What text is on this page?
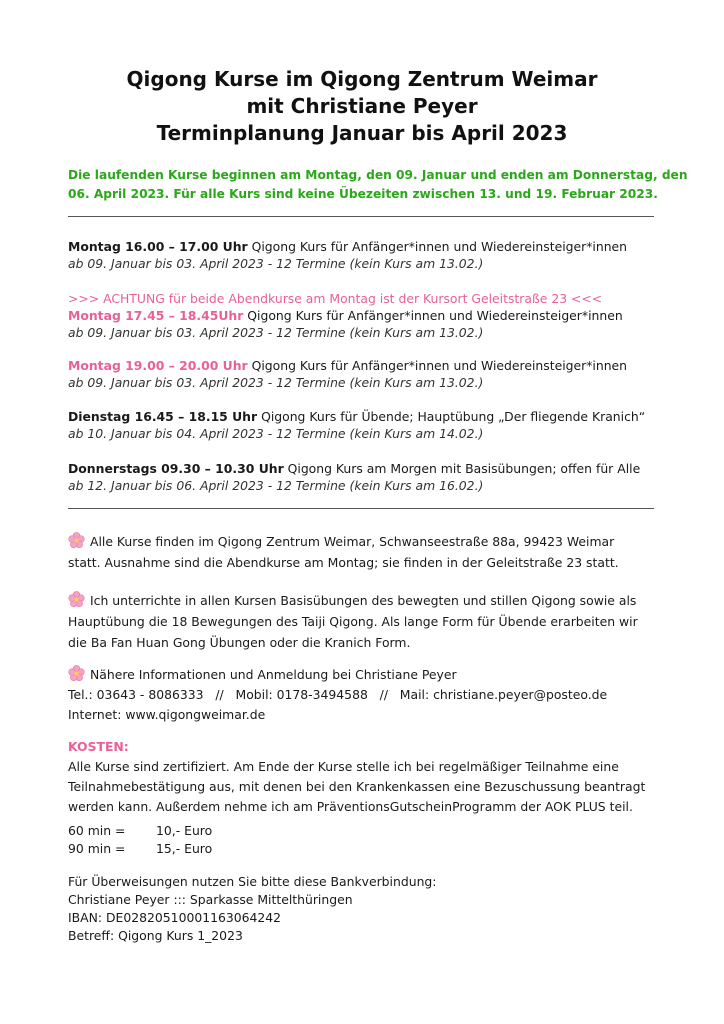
Qigong Kurse im Qigong Zentrum Weimar
mit Christiane Peyer
Terminplanung Januar bis April 2023
Die laufenden Kurse beginnen am Montag, den 09. Januar und enden am Donnerstag, den
06. April 2023. Für alle Kurs sind keine Übezeiten zwischen 13. und 19. Februar 2023.
Montag 16.00 – 17.00 Uhr Qigong Kurs für Anfänger*innen und Wiedereinsteiger*innen
ab 09. Januar bis 03. April 2023 - 12 Termine (kein Kurs am 13.02.)
>>> ACHTUNG für beide Abendkurse am Montag ist der Kursort Geleitstraße 23 <<<
Montag 17.45 – 18.45Uhr Qigong Kurs für Anfänger*innen und Wiedereinsteiger*innen
ab 09. Januar bis 03. April 2023 - 12 Termine (kein Kurs am 13.02.)
Montag 19.00 – 20.00 Uhr Qigong Kurs für Anfänger*innen und Wiedereinsteiger*innen
ab 09. Januar bis 03. April 2023 - 12 Termine (kein Kurs am 13.02.)
Dienstag 16.45 – 18.15 Uhr Qigong Kurs für Übende; Hauptübung „Der fliegende Kranich“
ab 10. Januar bis 04. April 2023 - 12 Termine (kein Kurs am 14.02.)
Donnerstags 09.30 – 10.30 Uhr Qigong Kurs am Morgen mit Basisübungen; offen für Alle
ab 12. Januar bis 06. April 2023 - 12 Termine (kein Kurs am 16.02.)
Alle Kurse finden im Qigong Zentrum Weimar, Schwanseestraße 88a, 99423 Weimar
statt. Ausnahme sind die Abendkurse am Montag; sie finden in der Geleitstraße 23 statt.
Ich unterrichte in allen Kursen Basisübungen des bewegten und stillen Qigong sowie als
Hauptübung die 18 Bewegungen des Taiji Qigong. Als lange Form für Übende erarbeiten wir
die Ba Fan Huan Gong Übungen oder die Kranich Form.
Nähere Informationen und Anmeldung bei Christiane Peyer
Tel.: 03643 - 8086333   //   Mobil: 0178-3494588   //   Mail: christiane.peyer@posteo.de
Internet: www.qigongweimar.de
KOSTEN:
Alle Kurse sind zertifiziert. Am Ende der Kurse stelle ich bei regelmäßiger Teilnahme eine
Teilnahmebestätigung aus, mit denen bei den Krankenkassen eine Bezuschussung beantragt
werden kann. Außerdem nehme ich am PräventionsGutscheinProgramm der AOK PLUS teil.
60 min = 10,- Euro
90 min = 15,- Euro
Für Überweisungen nutzen Sie bitte diese Bankverbindung:
Christiane Peyer ::: Sparkasse Mittelthüringen
IBAN: DE02820510001163064242
Betreff: Qigong Kurs 1_2023
